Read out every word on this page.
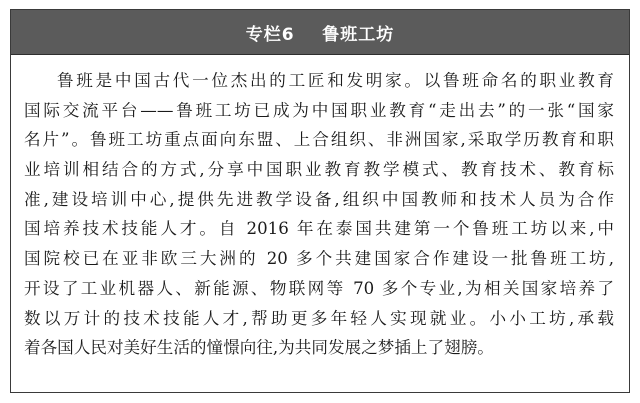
专栏6    鲁班工坊
鲁班是中国古代一位杰出的工匠和发明家。以鲁班命名的职业教育
国际交流平台——鲁班工坊已成为中国职业教育“走出去”的一张“国家
名片”。鲁班工坊重点面向东盟、上合组织、非洲国家,采取学历教育和职
业培训相结合的方式,分享中国职业教育教学模式、教育技术、教育标
准,建设培训中心,提供先进教学设备,组织中国教师和技术人员为合作
国培养技术技能人才。自 2016 年在泰国共建第一个鲁班工坊以来,中
国院校已在亚非欧三大洲的 20 多个共建国家合作建设一批鲁班工坊,
开设了工业机器人、新能源、物联网等 70 多个专业,为相关国家培养了
数以万计的技术技能人才,帮助更多年轻人实现就业。小小工坊,承载
着各国人民对美好生活的憧憬向往,为共同发展之梦插上了翅膀。
